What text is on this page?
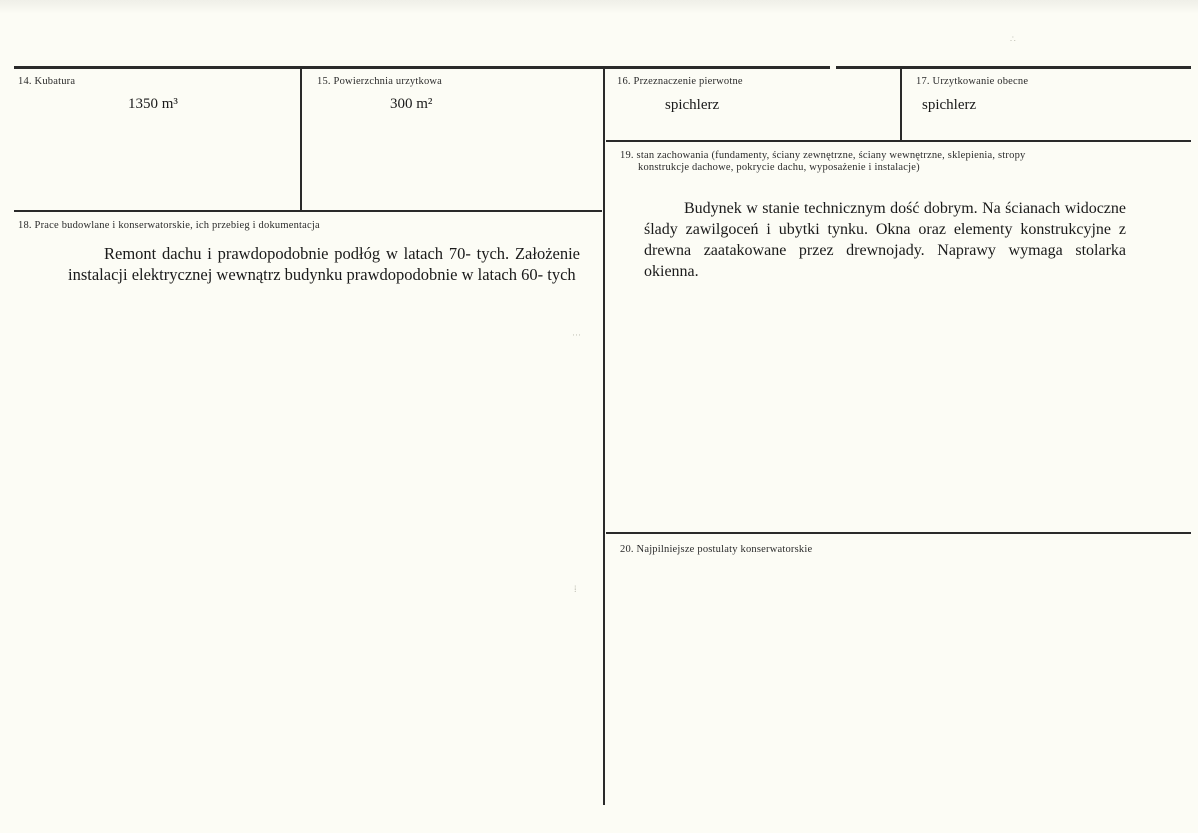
14. Kubatura
1350 m³
15. Powierzchnia urzytkowa
300 m²
16. Przeznaczenie pierwotne
spichlerz
17. Urzytkowanie obecne
spichlerz
18. Prace budowlane i konserwatorskie, ich przebieg i dokumentacja
Remont dachu i prawdopodobnie podłóg w latach 70- tych. Założenie instalacji elektrycznej wewnątrz budynku prawdopodobnie w latach 60- tych
19. stan zachowania (fundamenty, ściany zewnętrzne, ściany wewnętrzne, sklepienia, stropy
konstrukcje dachowe, pokrycie dachu, wyposażenie i instalacje)
Budynek w stanie technicznym dość dobrym. Na ścianach widoczne ślady zawilgoceń i ubytki tynku. Okna oraz elementy konstrukcyjne z drewna zaatakowane przez drewnojady. Naprawy wymaga stolarka okienna.
20. Najpilniejsze postulaty konserwatorskie
∴
···
⁞
